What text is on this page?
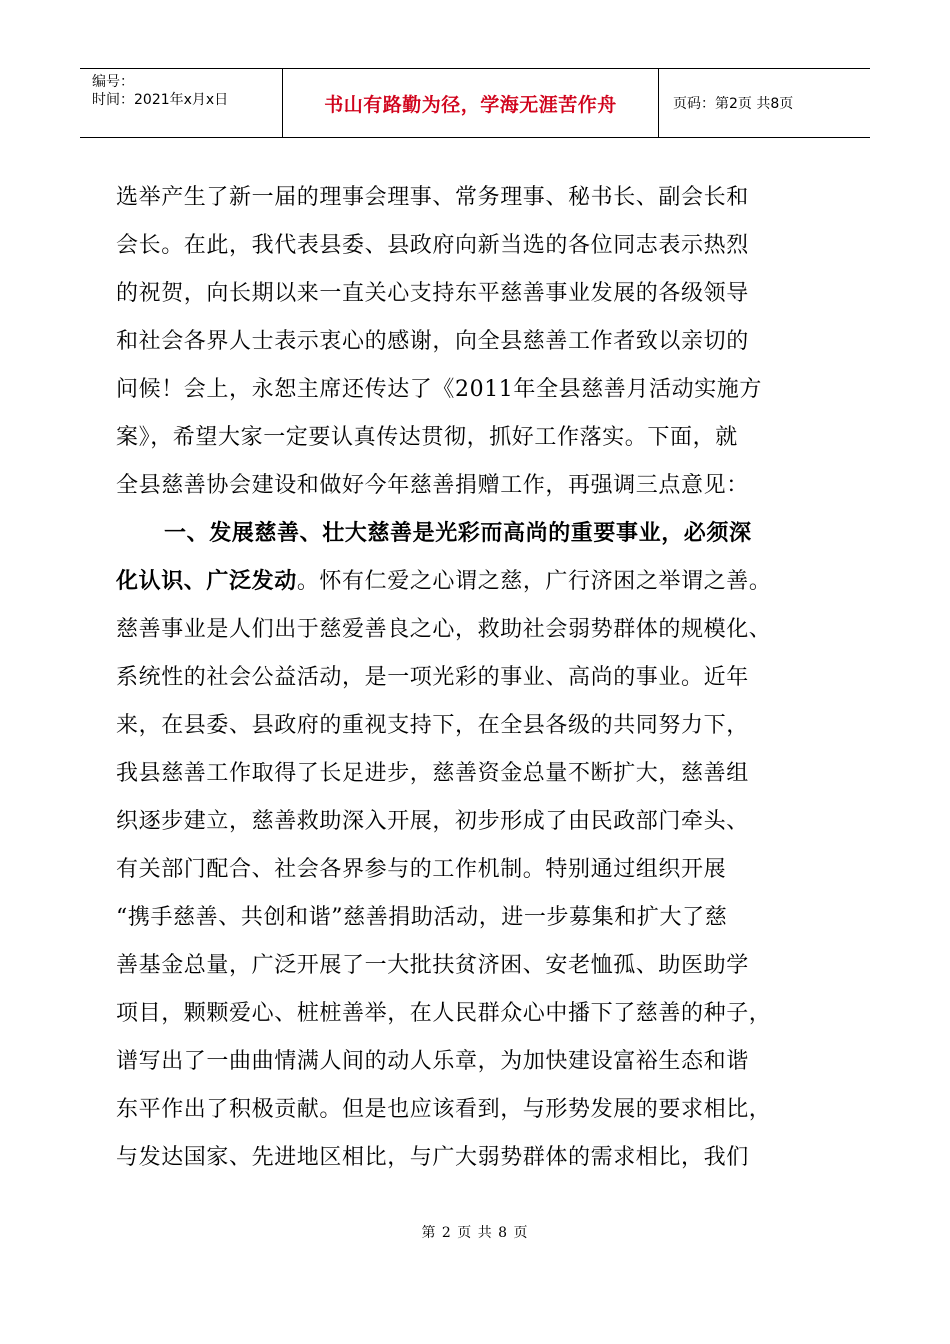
编号：
时间：2021年x月x日	书山有路勤为径，学海无涯苦作舟	页码：第2页 共8页
选举产生了新一届的理事会理事、常务理事、秘书长、副会长和
会长。在此，我代表县委、县政府向新当选的各位同志表示热烈
的祝贺，向长期以来一直关心支持东平慈善事业发展的各级领导
和社会各界人士表示衷心的感谢，向全县慈善工作者致以亲切的
问候！会上，永恕主席还传达了《2011年全县慈善月活动实施方
案》，希望大家一定要认真传达贯彻，抓好工作落实。下面，就
全县慈善协会建设和做好今年慈善捐赠工作，再强调三点意见：
一、发展慈善、壮大慈善是光彩而高尚的重要事业，必须深
化认识、广泛发动。怀有仁爱之心谓之慈，广行济困之举谓之善。
慈善事业是人们出于慈爱善良之心，救助社会弱势群体的规模化、
系统性的社会公益活动，是一项光彩的事业、高尚的事业。近年
来，在县委、县政府的重视支持下，在全县各级的共同努力下，
我县慈善工作取得了长足进步，慈善资金总量不断扩大，慈善组
织逐步建立，慈善救助深入开展，初步形成了由民政部门牵头、
有关部门配合、社会各界参与的工作机制。特别通过组织开展
“携手慈善、共创和谐”慈善捐助活动，进一步募集和扩大了慈
善基金总量，广泛开展了一大批扶贫济困、安老恤孤、助医助学
项目，颗颗爱心、桩桩善举，在人民群众心中播下了慈善的种子，
谱写出了一曲曲情满人间的动人乐章，为加快建设富裕生态和谐
东平作出了积极贡献。但是也应该看到，与形势发展的要求相比，
与发达国家、先进地区相比，与广大弱势群体的需求相比，我们
第 2 页 共 8 页
